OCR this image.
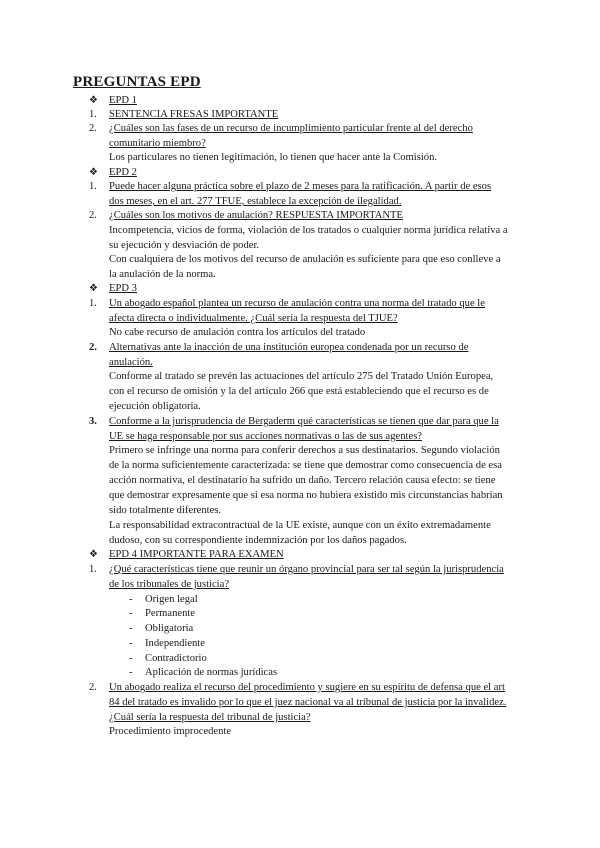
PREGUNTAS EPD
❖	EPD 1
1.	SENTENCIA FRESAS IMPORTANTE
2.	¿Cuáles son las fases de un recurso de incumplimiento particular frente al del derecho
comunitario miembro?
Los particulares no tienen legitimación, lo tienen que hacer ante la Comisión.
❖	EPD 2
1.	Puede hacer alguna práctica sobre el plazo de 2 meses para la ratificación. A partir de esos
dos meses, en el art. 277 TFUE, establece la excepción de ilegalidad.
2.	¿Cuáles son los motivos de anulación? RESPUESTA IMPORTANTE
Incompetencia, vicios de forma, violación de los tratados o cualquier norma jurídica relativa a
su ejecución y desviación de poder.
Con cualquiera de los motivos del recurso de anulación es suficiente para que eso conlleve a
la anulación de la norma.
❖	EPD 3
1.	Un abogado español plantea un recurso de anulación contra una norma del tratado que le
afecta directa o individualmente. ¿Cuál sería la respuesta del TJUE?
No cabe recurso de anulación contra los artículos del tratado
2.	Alternativas ante la inacción de una institución europea condenada por un recurso de
anulación.
Conforme al tratado se prevén las actuaciones del artículo 275 del Tratado Unión Europea,
con el recurso de omisión y la del artículo 266 que está estableciendo que el recurso es de
ejecución obligatoria.
3.	Conforme a la jurisprudencia de Bergaderm qué características se tienen que dar para que la
UE se haga responsable por sus acciones normativas o las de sus agentes?
Primero se infringe una norma para conferir derechos a sus destinatarios. Segundo violación
de la norma suficientemente caracterizada: se tiene que demostrar como consecuencia de esa
acción normativa, el destinatario ha sufrido un daño. Tercero relación causa efecto: se tiene
que demostrar expresamente que si esa norma no hubiera existido mis circunstancias habrían
sido totalmente diferentes.
La responsabilidad extracontractual de la UE existe, aunque con un éxito extremadamente
dudoso, con su correspondiente indemnización por los daños pagados.
❖	EPD 4 IMPORTANTE PARA EXAMEN
1.	¿Qué características tiene que reunir un órgano provincial para ser tal según la jurisprudencia
de los tribunales de justicia?
- Origen legal
- Permanente
- Obligatoria
- Independiente
- Contradictorio
- Aplicación de normas jurídicas
2.	Un abogado realiza el recurso del procedimiento y sugiere en su espíritu de defensa que el art
84 del tratado es invalido por lo que el juez nacional va al tribunal de justicia por la invalidez.
¿Cuál sería la respuesta del tribunal de justicia?
Procedimiento improcedente
